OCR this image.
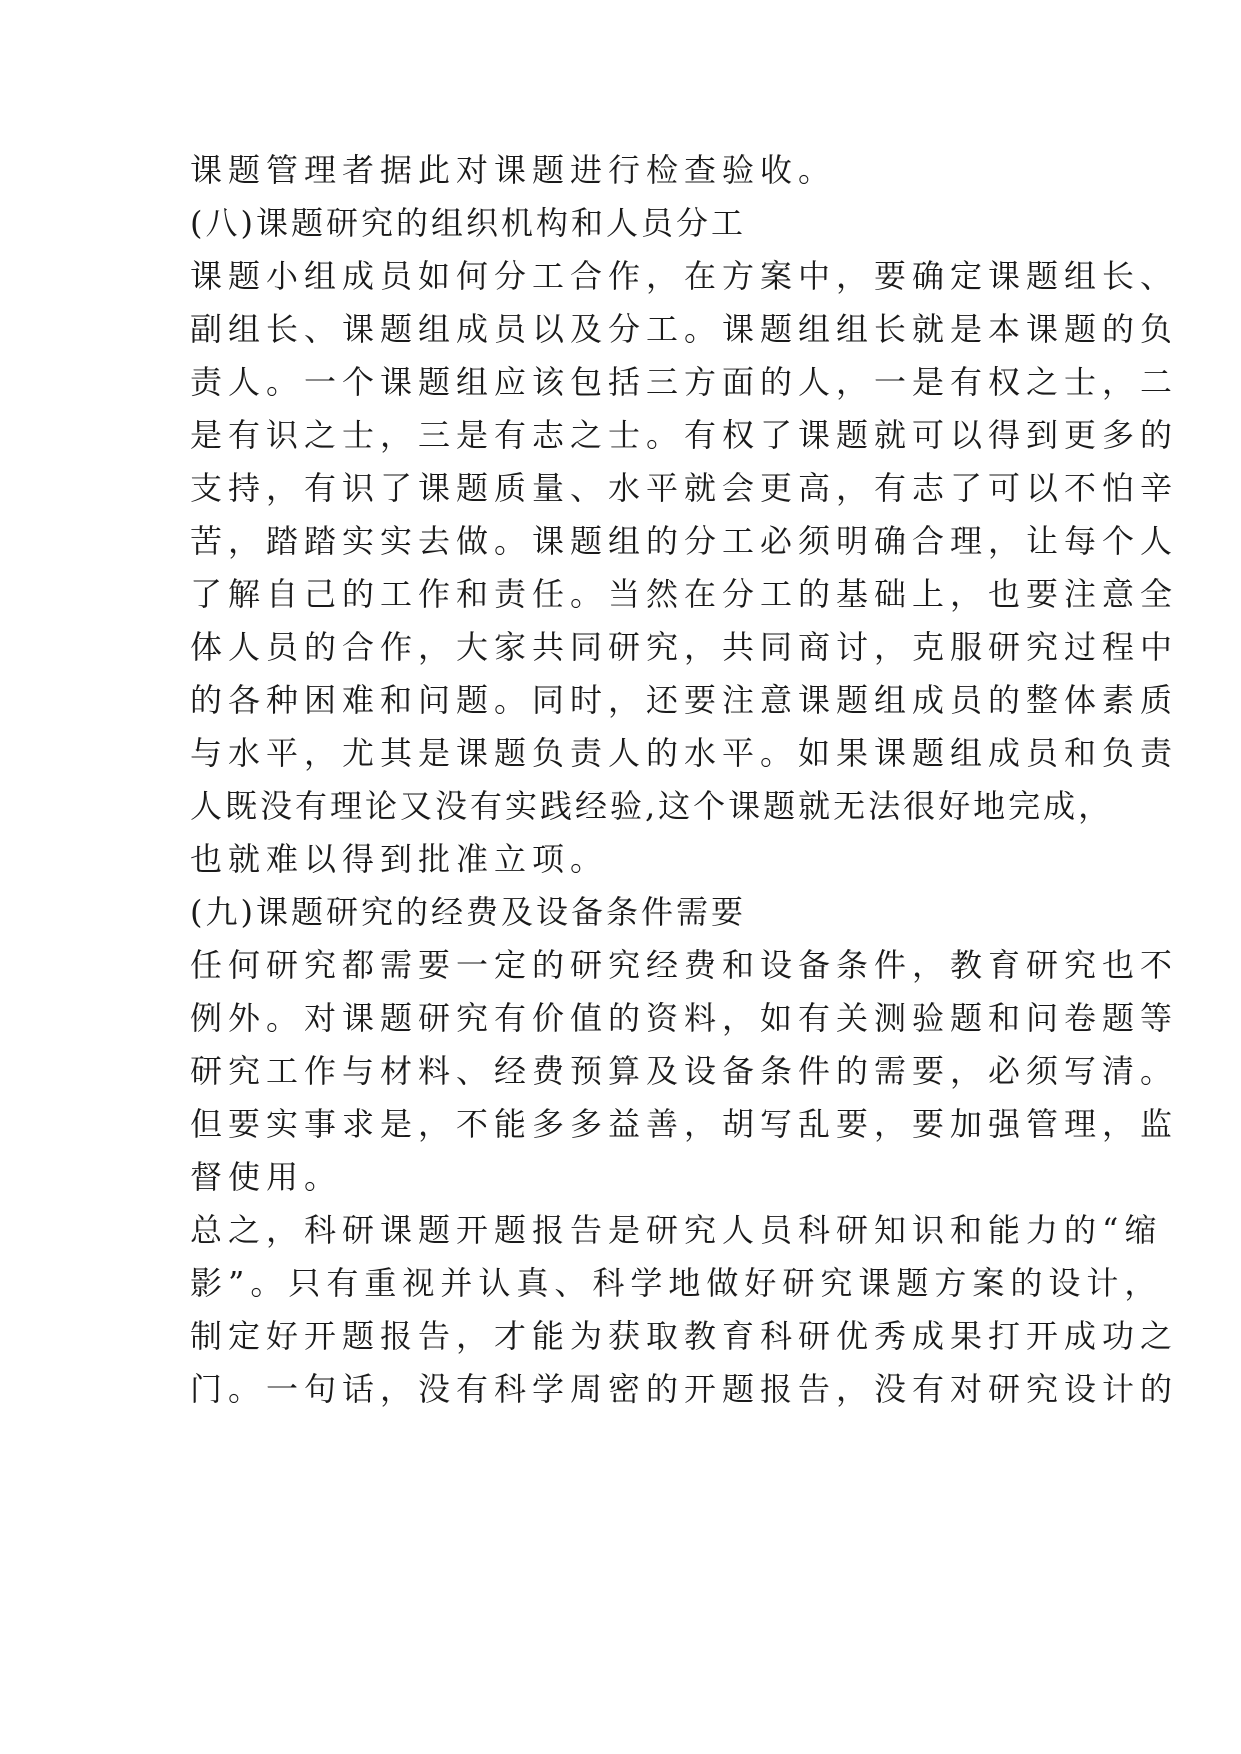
课题管理者据此对课题进行检查验收。
(八)课题研究的组织机构和人员分工
课题小组成员如何分工合作，在方案中，要确定课题组长、
副组长、课题组成员以及分工。课题组组长就是本课题的负
责人。一个课题组应该包括三方面的人，一是有权之士，二
是有识之士，三是有志之士。有权了课题就可以得到更多的
支持，有识了课题质量、水平就会更高，有志了可以不怕辛
苦，踏踏实实去做。课题组的分工必须明确合理，让每个人
了解自己的工作和责任。当然在分工的基础上，也要注意全
体人员的合作，大家共同研究，共同商讨，克服研究过程中
的各种困难和问题。同时，还要注意课题组成员的整体素质
与水平，尤其是课题负责人的水平。如果课题组成员和负责
人既没有理论又没有实践经验,这个课题就无法很好地完成，
也就难以得到批准立项。
(九)课题研究的经费及设备条件需要
任何研究都需要一定的研究经费和设备条件，教育研究也不
例外。对课题研究有价值的资料，如有关测验题和问卷题等
研究工作与材料、经费预算及设备条件的需要，必须写清。
但要实事求是，不能多多益善，胡写乱要，要加强管理，监
督使用。
总之，科研课题开题报告是研究人员科研知识和能力的“缩
影”。只有重视并认真、科学地做好研究课题方案的设计，
制定好开题报告，才能为获取教育科研优秀成果打开成功之
门。一句话，没有科学周密的开题报告，没有对研究设计的
